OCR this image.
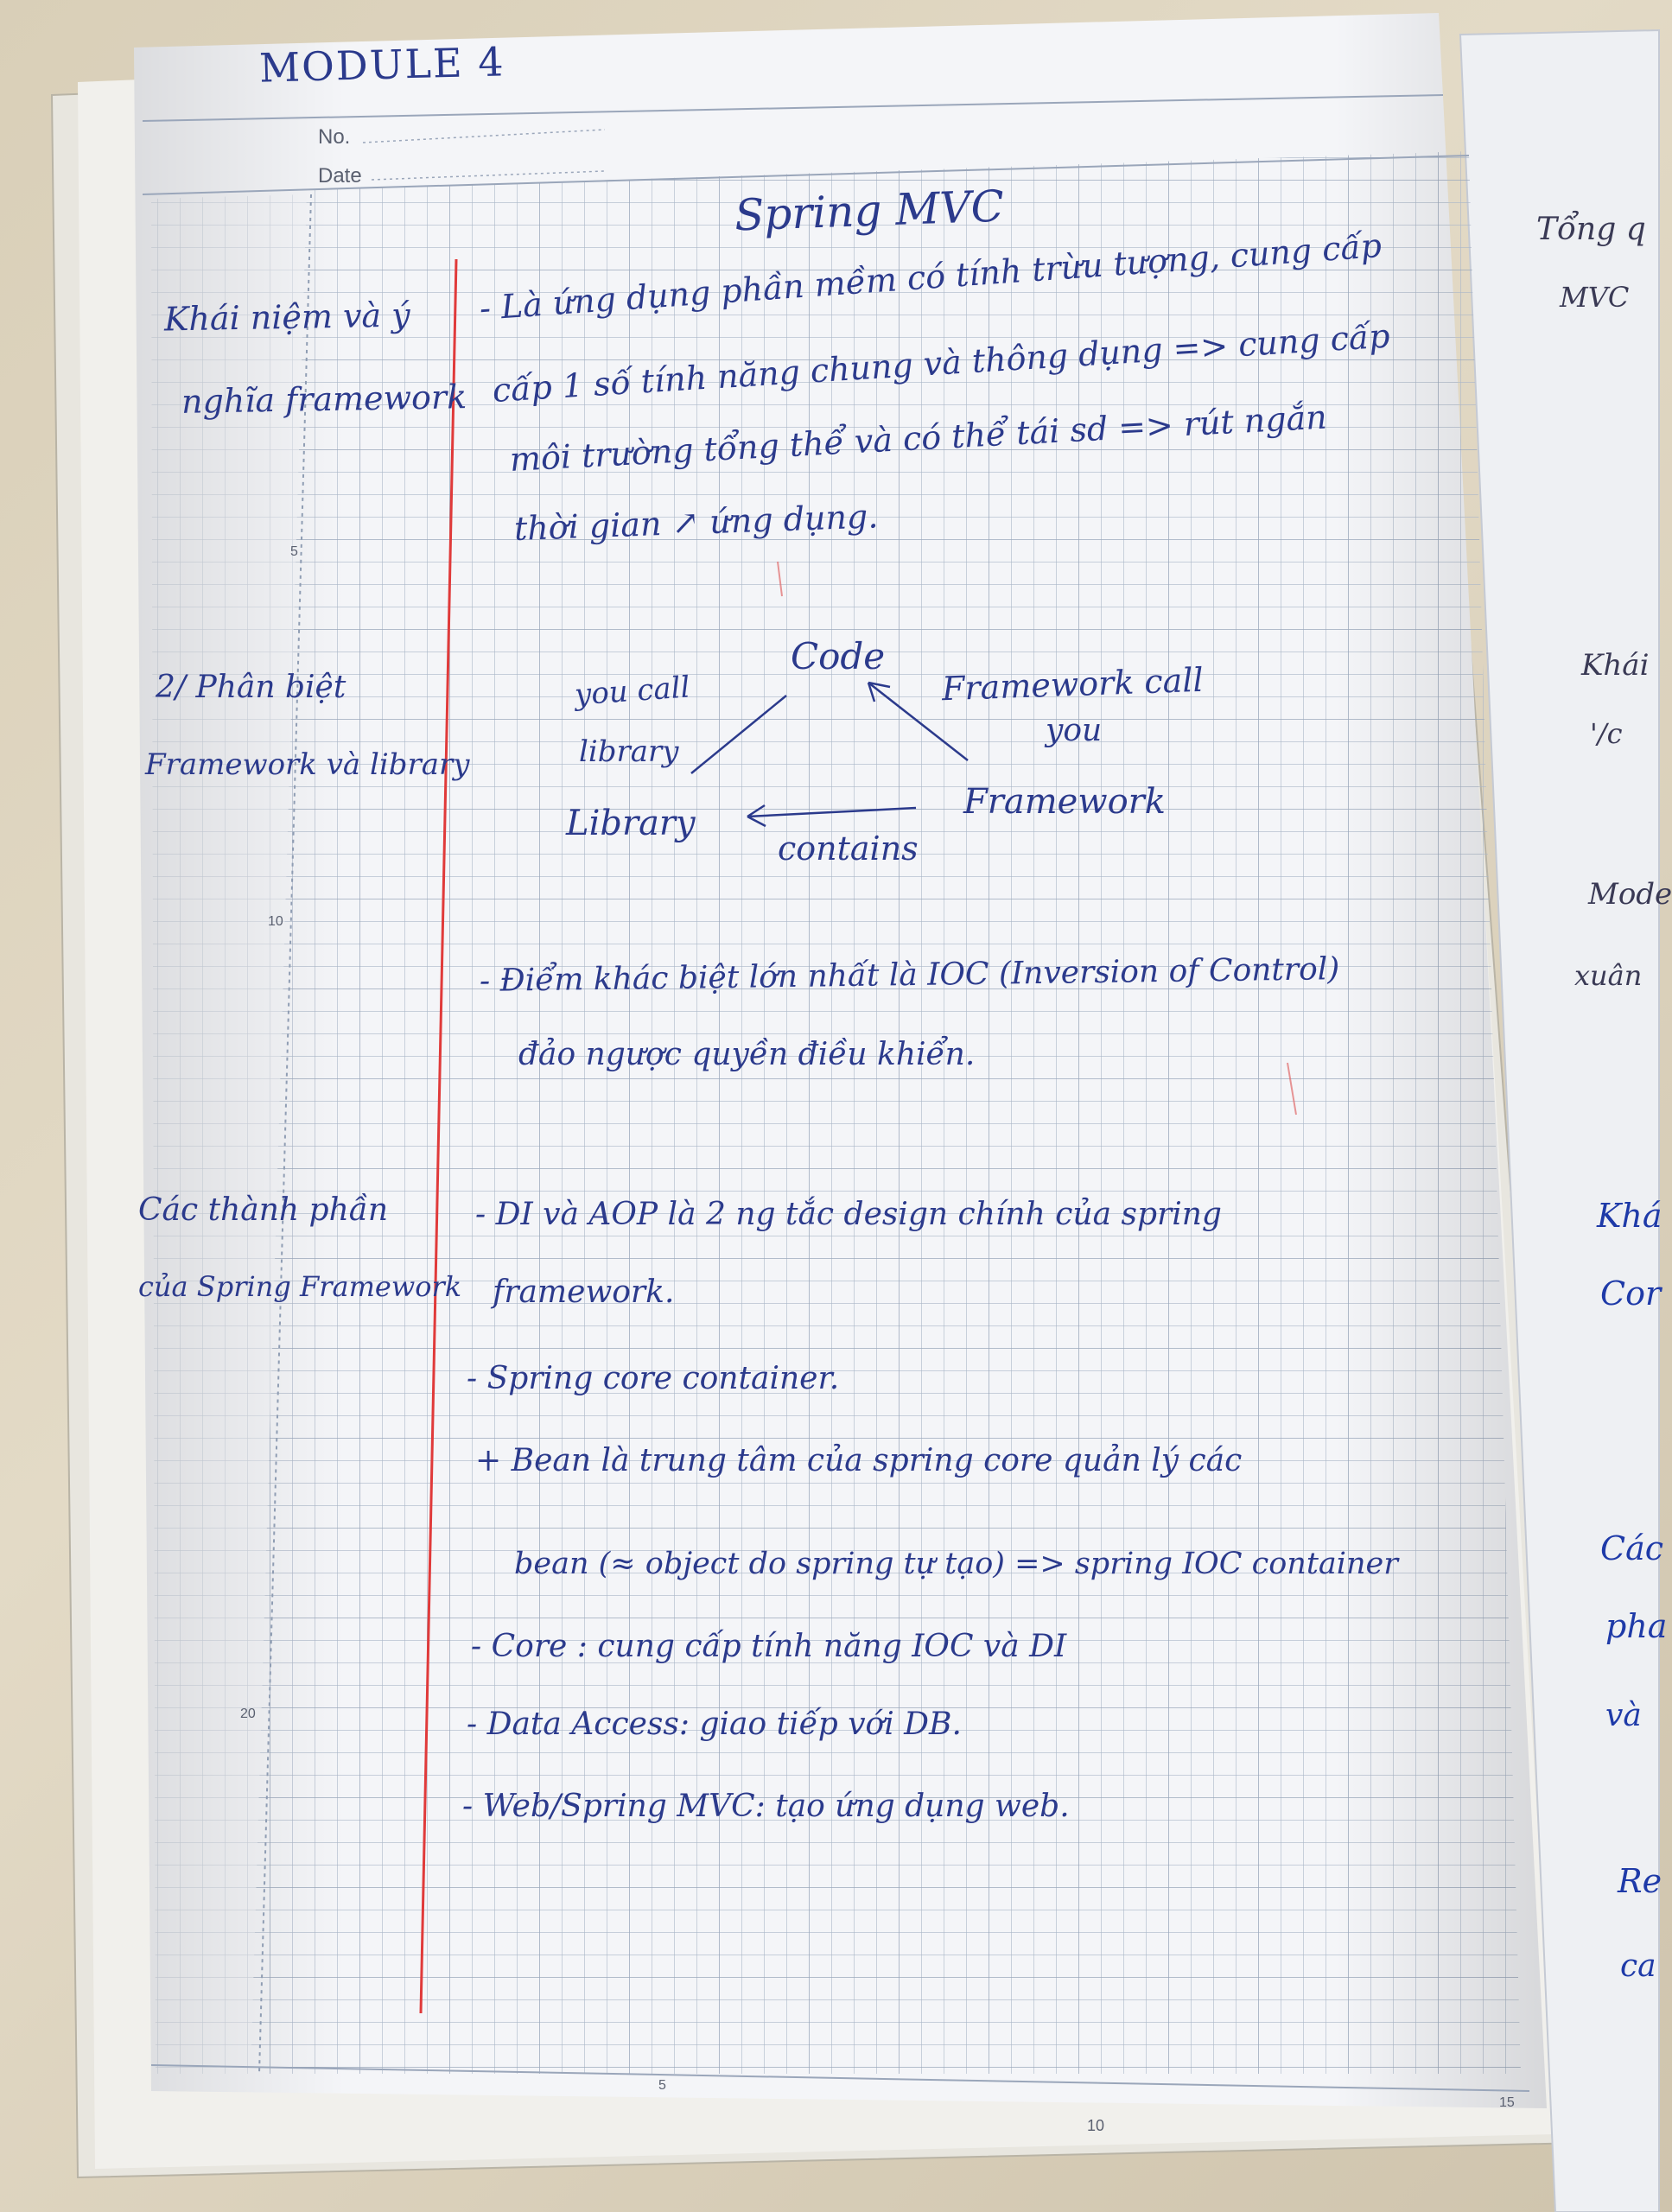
MODULE 4
No.
Date
Spring MVC
Khái niệm và ý
nghĩa framework
- Là ứng dụng phần mềm có tính trừu tượng, cung cấp
cấp 1 số tính năng chung và thông dụng => cung cấp
môi trường tổng thể và có thể tái sd => rút ngắn
thời gian ↗ ứng dụng.
2/ Phân biệt
Framework và library
Code
you call
library
Framework call
you
Library
Framework
contains
- Điểm khác biệt lớn nhất là IOC (Inversion of Control)
đảo ngược quyền điều khiển.
Các thành phần
của Spring Framework
- DI và AOP là 2 ng tắc design chính của spring
framework.
- Spring core container.
+ Bean là trung tâm của spring core quản lý các
bean (≈ object do spring tự tạo) => spring IOC container
- Core : cung cấp tính năng IOC và DI
- Data Access: giao tiếp với DB.
- Web/Spring MVC: tạo ứng dụng web.
5
10
20
5
10
15
Tổng q
MVC
Khái
'/c
Mode
xuân
Khá
Cor
Các
pha
và
Re
ca
